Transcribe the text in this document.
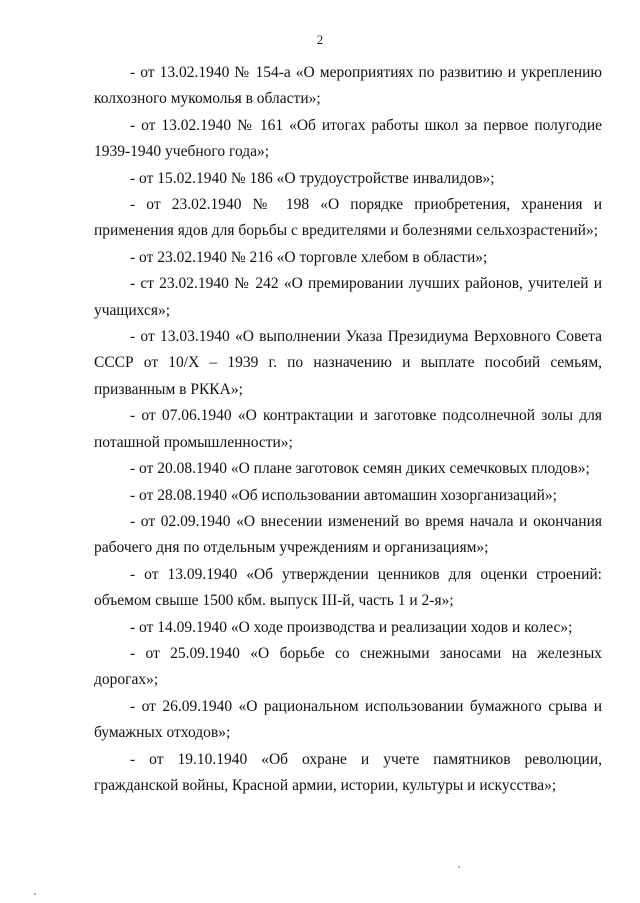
2

- от 13.02.1940 № 154-а «О мероприятиях по развитию и укреплению колхозного мукомолья в области»;

- от 13.02.1940 № 161 «Об итогах работы школ за первое полугодие 1939-1940 учебного года»;

- от 15.02.1940 № 186 «О трудоустройстве инвалидов»;

- от 23.02.1940 № 198 «О порядке приобретения, хранения и применения ядов для борьбы с вредителями и болезнями сельхозрастений»;

- от 23.02.1940 № 216 «О торговле хлебом в области»;

- ст 23.02.1940 № 242 «О премировании лучших районов, учителей и учащихся»;

- от 13.03.1940 «О выполнении Указа Президиума Верховного Совета СССР от 10/Х – 1939 г. по назначению и выплате пособий семьям, призванным в РККА»;

- от 07.06.1940 «О контрактации и заготовке подсолнечной золы для поташной промышленности»;

- от 20.08.1940 «О плане заготовок семян диких семечковых плодов»;

- от 28.08.1940 «Об использовании автомашин хозорганизаций»;

- от 02.09.1940 «О внесении изменений во время начала и окончания рабочего дня по отдельным учреждениям и организациям»;

- от 13.09.1940 «Об утверждении ценников для оценки строений: объемом свыше 1500 кбм. выпуск III-й, часть 1 и 2-я»;

- от 14.09.1940 «О ходе производства и реализации ходов и колес»;

- от 25.09.1940 «О борьбе со снежными заносами на железных дорогах»;

- от 26.09.1940 «О рациональном использовании бумажного срыва и бумажных отходов»;

- от 19.10.1940 «Об охране и учете памятников революции, гражданской войны, Красной армии, истории, культуры и искусства»;
